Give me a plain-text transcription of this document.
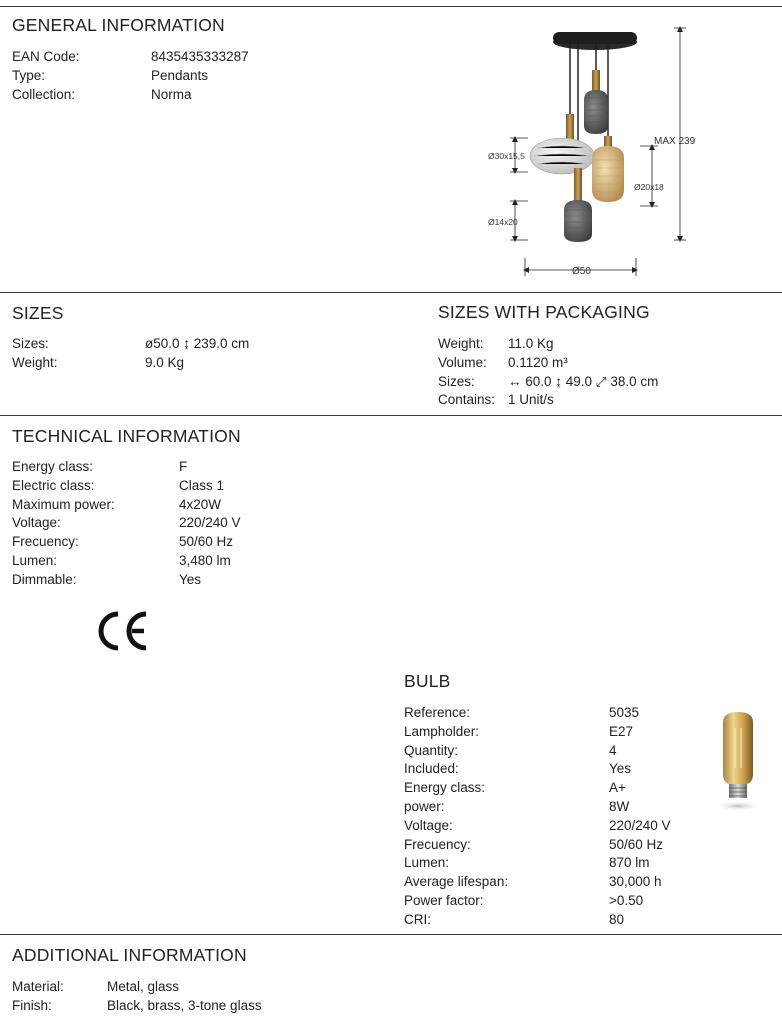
GENERAL INFORMATION
EAN Code:	8435435333287
Type:	Pendants
Collection:	Norma
MAX 239
Ø30x15,5
Ø20x18
Ø14x20
Ø50
SIZES
Sizes:	ø50.0 ↨ 239.0 cm
Weight:	9.0 Kg
SIZES WITH PACKAGING
Weight: 11.0 Kg
Volume: 0.1120 m³
Sizes: ↔ 60.0 ↨ 49.0 ⤢ 38.0 cm
Contains: 1 Unit/s
TECHNICAL INFORMATION
Energy class:	F
Electric class:	Class 1
Maximum power:	4x20W
Voltage:	220/240 V
Frecuency:	50/60 Hz
Lumen:	3,480 lm
Dimmable:	Yes
BULB
Reference:	5035
Lampholder:	E27
Quantity:	4
Included:	Yes
Energy class:	A+
power:	8W
Voltage:	220/240 V
Frecuency:	50/60 Hz
Lumen:	870 lm
Average lifespan:	30,000 h
Power factor:	>0.50
CRI:	80
ADDITIONAL INFORMATION
Material:	Metal, glass
Finish:	Black, brass, 3-tone glass
